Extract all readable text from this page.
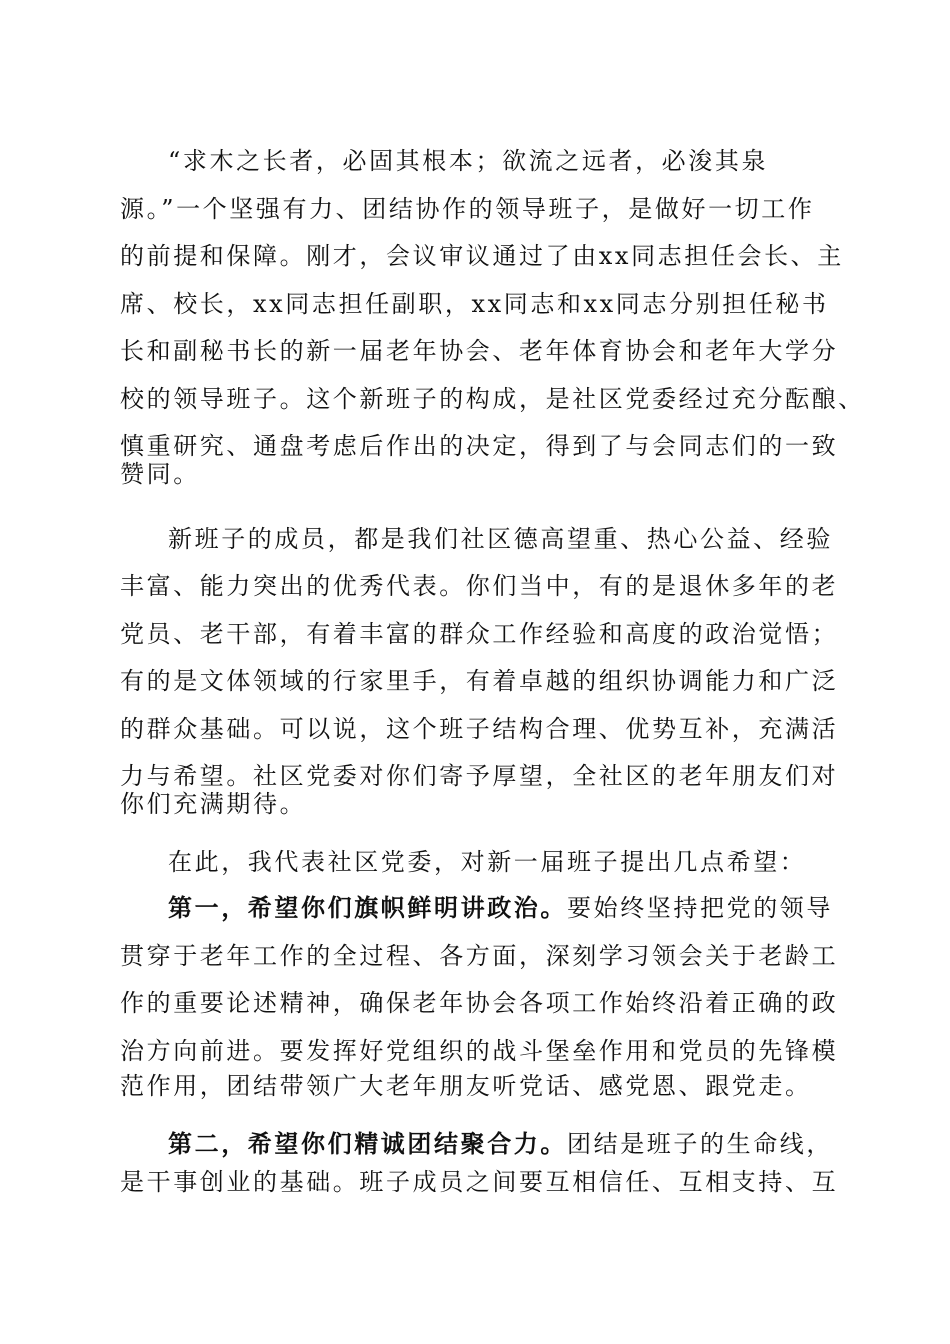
“求木之长者，必固其根本；欲流之远者，必浚其泉

源。”一个坚强有力、团结协作的领导班子，是做好一切工作

的前提和保障。刚才，会议审议通过了由xx同志担任会长、主

席、校长，xx同志担任副职，xx同志和xx同志分别担任秘书

长和副秘书长的新一届老年协会、老年体育协会和老年大学分

校的领导班子。这个新班子的构成，是社区党委经过充分酝酿、

慎重研究、通盘考虑后作出的决定，得到了与会同志们的一致

赞同。

新班子的成员，都是我们社区德高望重、热心公益、经验

丰富、能力突出的优秀代表。你们当中，有的是退休多年的老

党员、老干部，有着丰富的群众工作经验和高度的政治觉悟；

有的是文体领域的行家里手，有着卓越的组织协调能力和广泛

的群众基础。可以说，这个班子结构合理、优势互补，充满活

力与希望。社区党委对你们寄予厚望，全社区的老年朋友们对

你们充满期待。

在此，我代表社区党委，对新一届班子提出几点希望：

第一，希望你们旗帜鲜明讲政治。要始终坚持把党的领导

贯穿于老年工作的全过程、各方面，深刻学习领会关于老龄工

作的重要论述精神，确保老年协会各项工作始终沿着正确的政

治方向前进。要发挥好党组织的战斗堡垒作用和党员的先锋模

范作用，团结带领广大老年朋友听党话、感党恩、跟党走。

第二，希望你们精诚团结聚合力。团结是班子的生命线，

是干事创业的基础。班子成员之间要互相信任、互相支持、互
